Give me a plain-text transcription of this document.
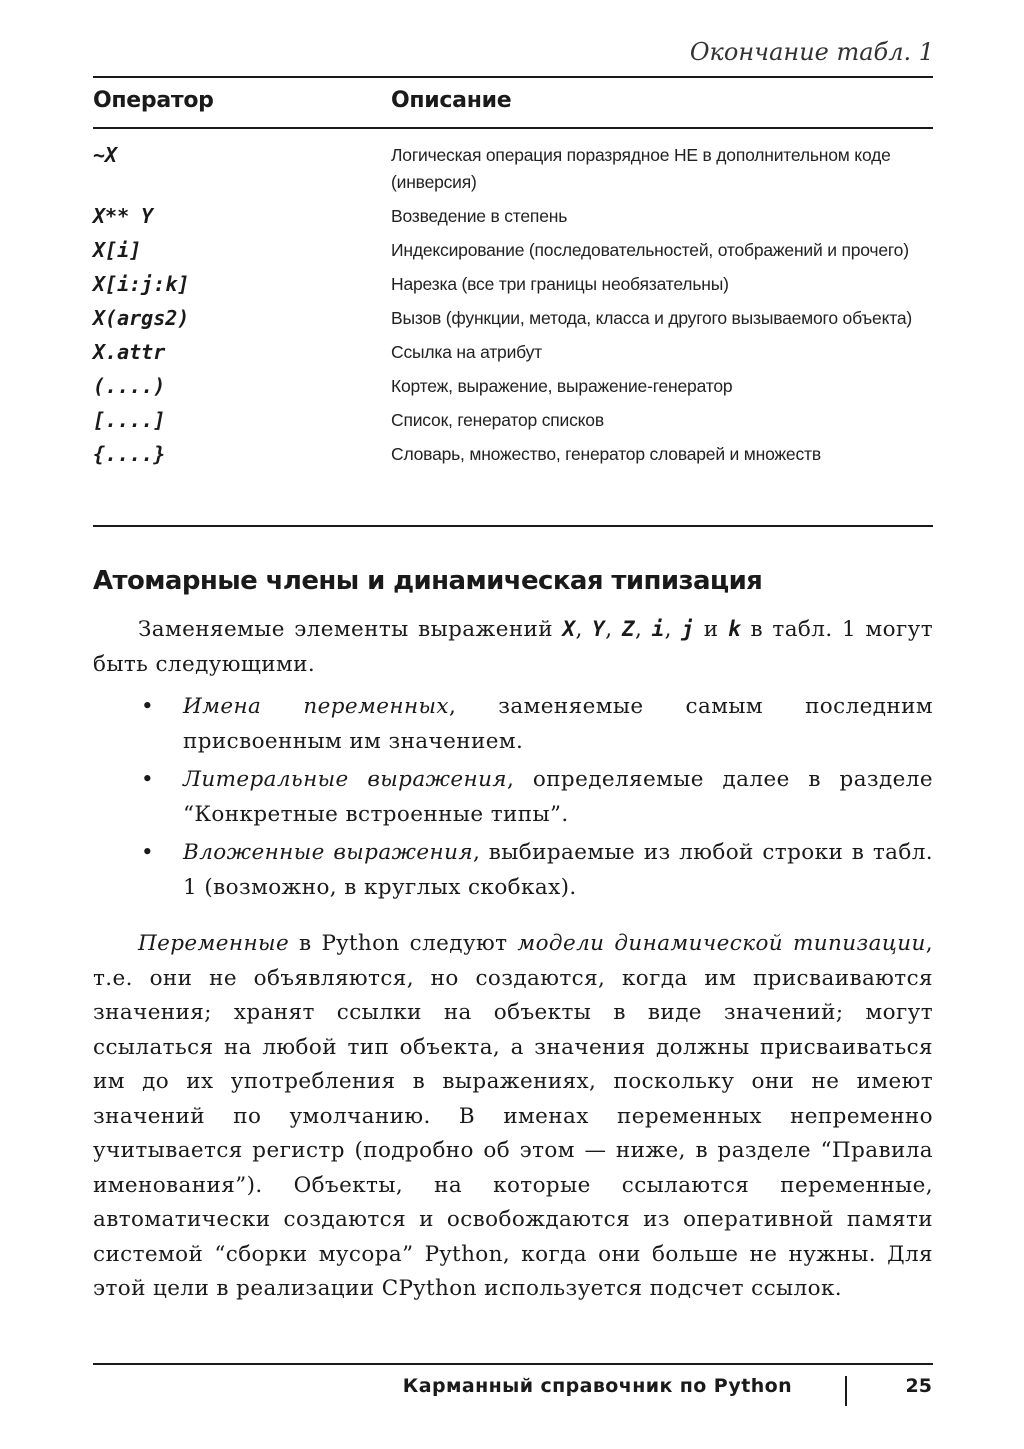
Окончание табл. 1
Оператор	Описание
~X	Логическая операция поразрядное НЕ в дополнительном коде (инверсия)
X** Y	Возведение в степень
X[i]	Индексирование (последовательностей, отображений и прочего)
X[i:j:k]	Нарезка (все три границы необязательны)
X(args2)	Вызов (функции, метода, класса и другого вызываемого объекта)
X.attr	Ссылка на атрибут
(....)	Кортеж, выражение, выражение-генератор
[....]	Список, генератор списков
{....}	Словарь, множество, генератор словарей и множеств
Атомарные члены и динамическая типизация
Заменяемые элементы выражений X, Y, Z, i, j и k в табл. 1 могут быть следующими.
• Имена переменных, заменяемые самым последним присвоенным им значением.
• Литеральные выражения, определяемые далее в разделе “Конкретные встроенные типы”.
• Вложенные выражения, выбираемые из любой строки в табл. 1 (возможно, в круглых скобках).
Переменные в Python следуют модели динамической типизации, т.е. они не объявляются, но создаются, когда им присваиваются значения; хранят ссылки на объекты в виде значений; могут ссылаться на любой тип объекта, а значения должны присваиваться им до их употребления в выражениях, поскольку они не имеют значений по умолчанию. В именах переменных непременно учитывается регистр (подробно об этом — ниже, в разделе “Правила именования”). Объекты, на которые ссылаются переменные, автоматически создаются и освобождаются из оперативной памяти системой “сборки мусора” Python, когда они больше не нужны. Для этой цели в реализации CPython используется подсчет ссылок.
Карманный справочник по Python	25
